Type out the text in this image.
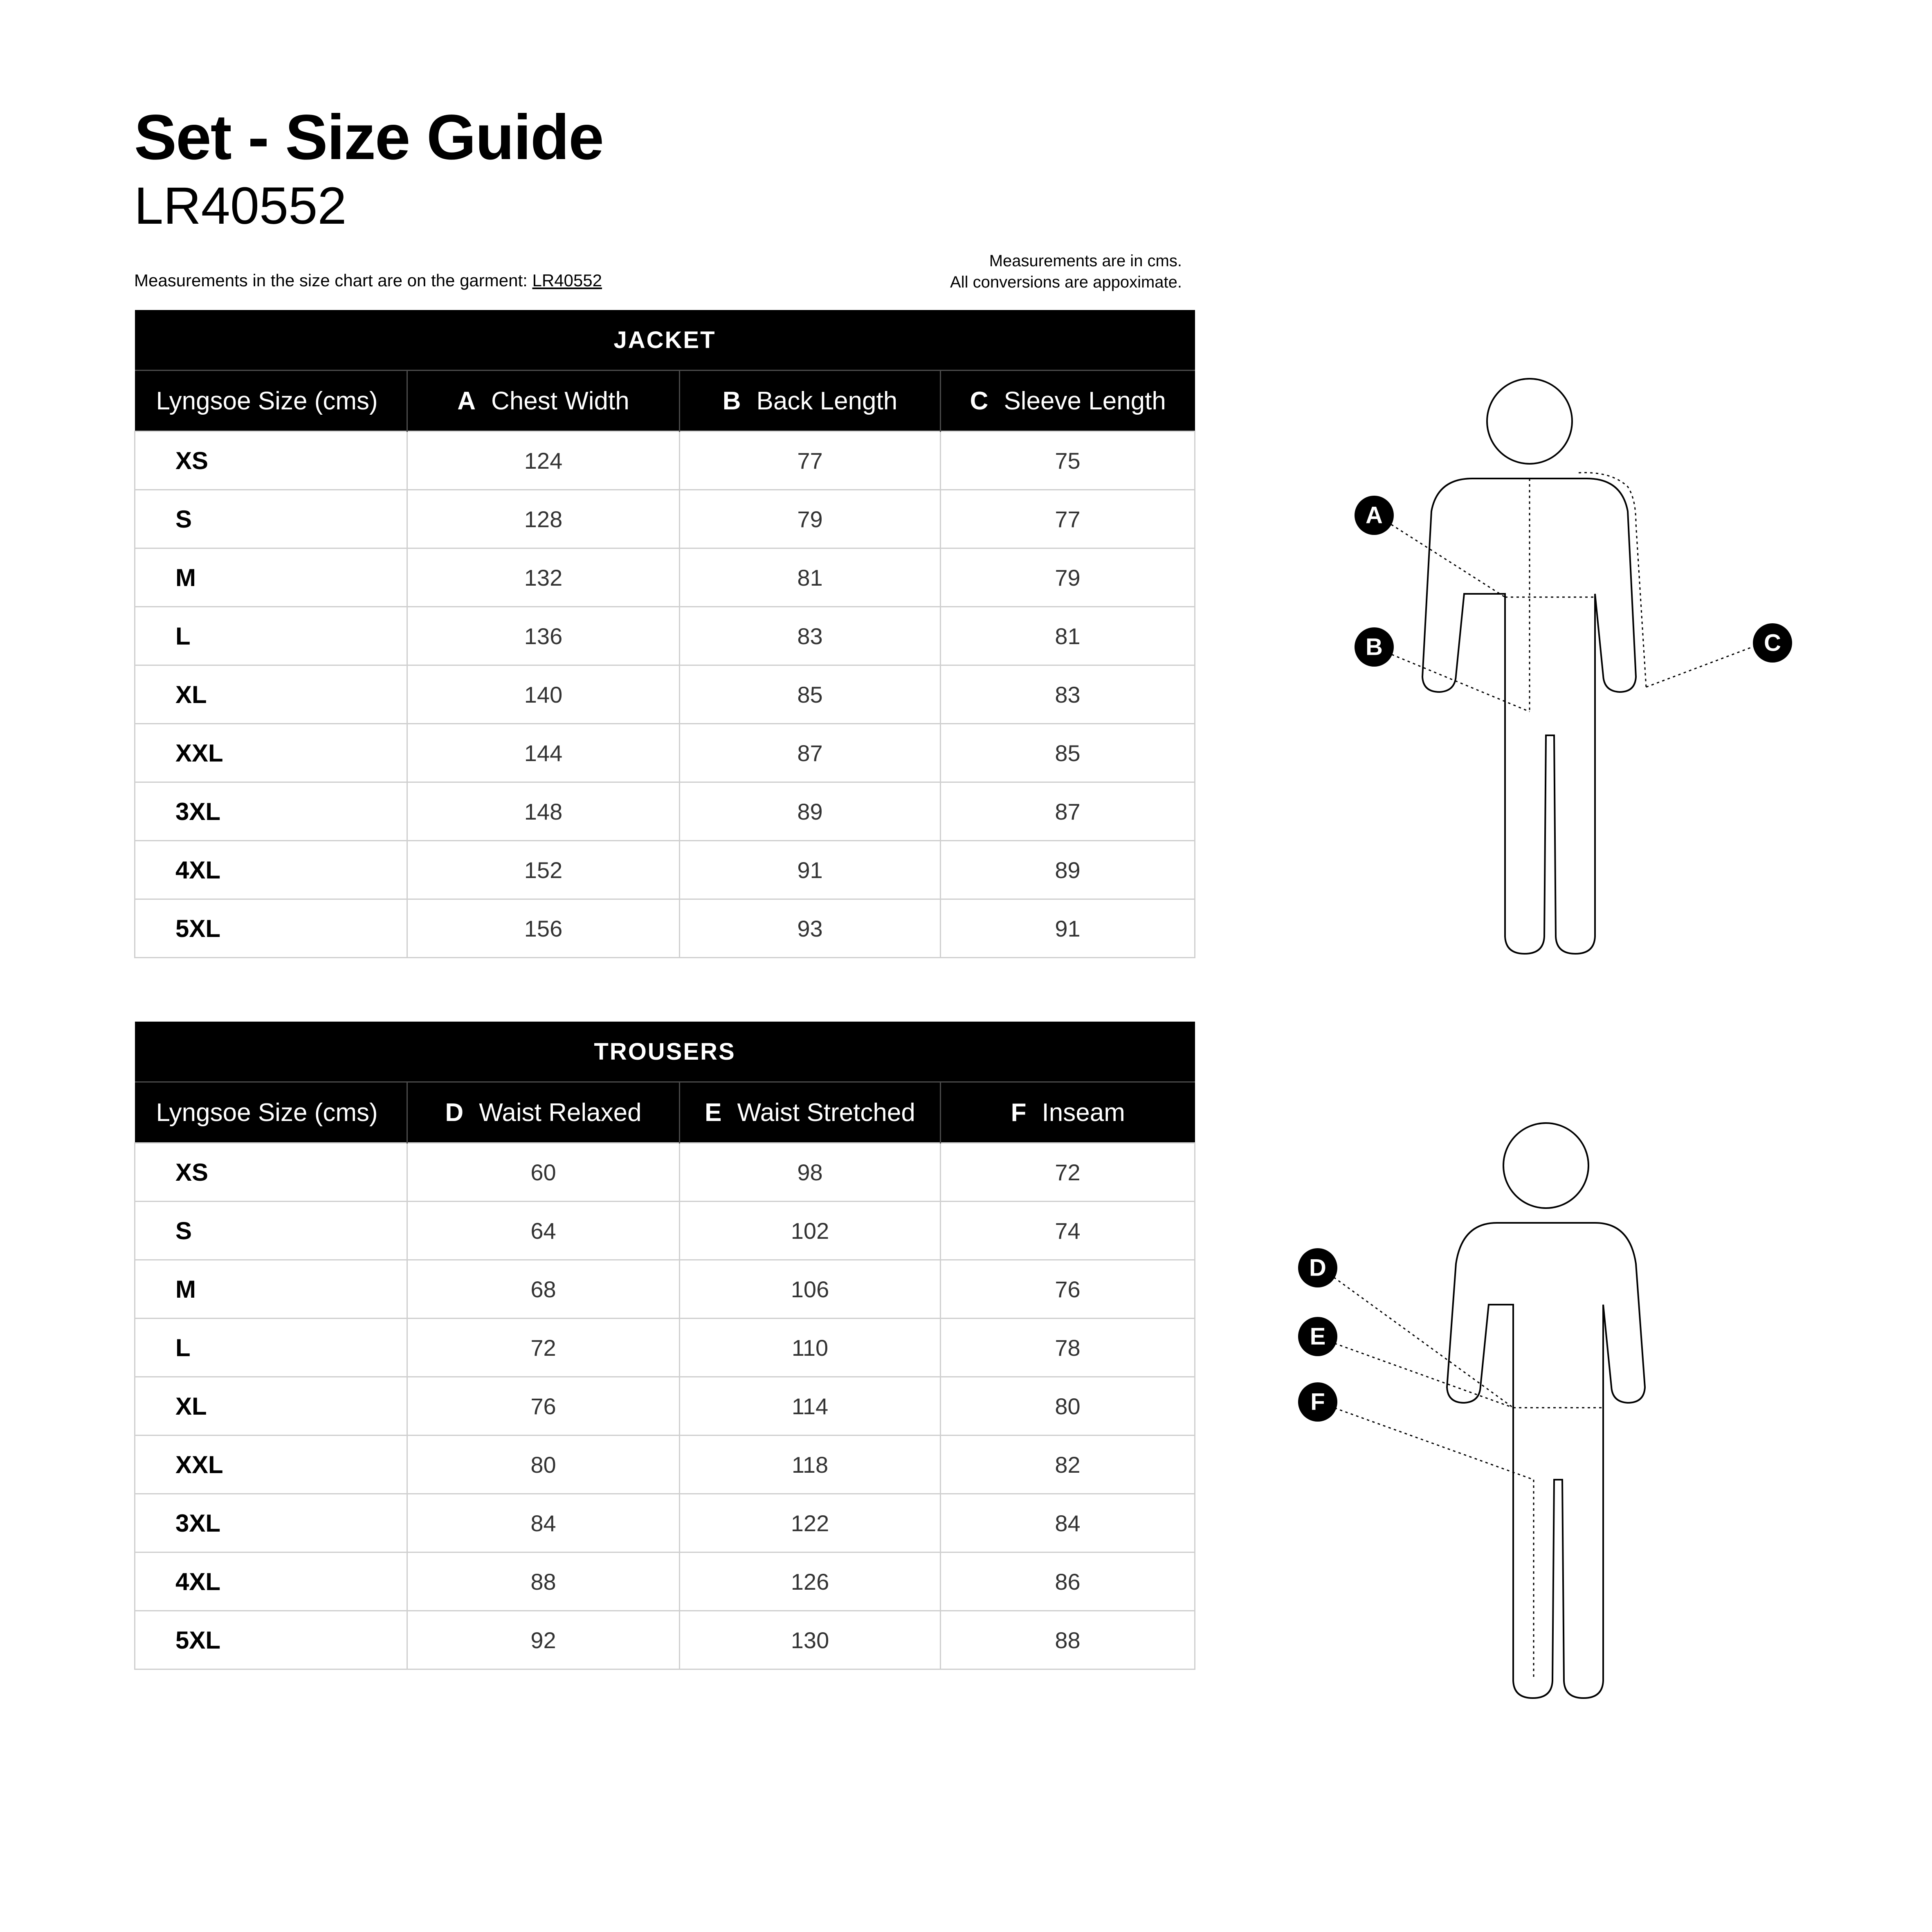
Set - Size Guide
LR40552
Measurements in the size chart are on the garment: LR40552
Measurements are in cms.
All conversions are appoximate.
JACKET			
Lyngsoe Size (cms)	A Chest Width	B Back Length	C Sleeve Length
XS	124	77	75
S	128	79	77
M	132	81	79
L	136	83	81
XL	140	85	83
XXL	144	87	85
3XL	148	89	87
4XL	152	91	89
5XL	156	93	91
TROUSERS			
Lyngsoe Size (cms)	D Waist Relaxed	E Waist Stretched	F Inseam
XS	60	98	72
S	64	102	74
M	68	106	76
L	72	110	78
XL	76	114	80
XXL	80	118	82
3XL	84	122	84
4XL	88	126	86
5XL	92	130	88
A
B	C
D
E
F
